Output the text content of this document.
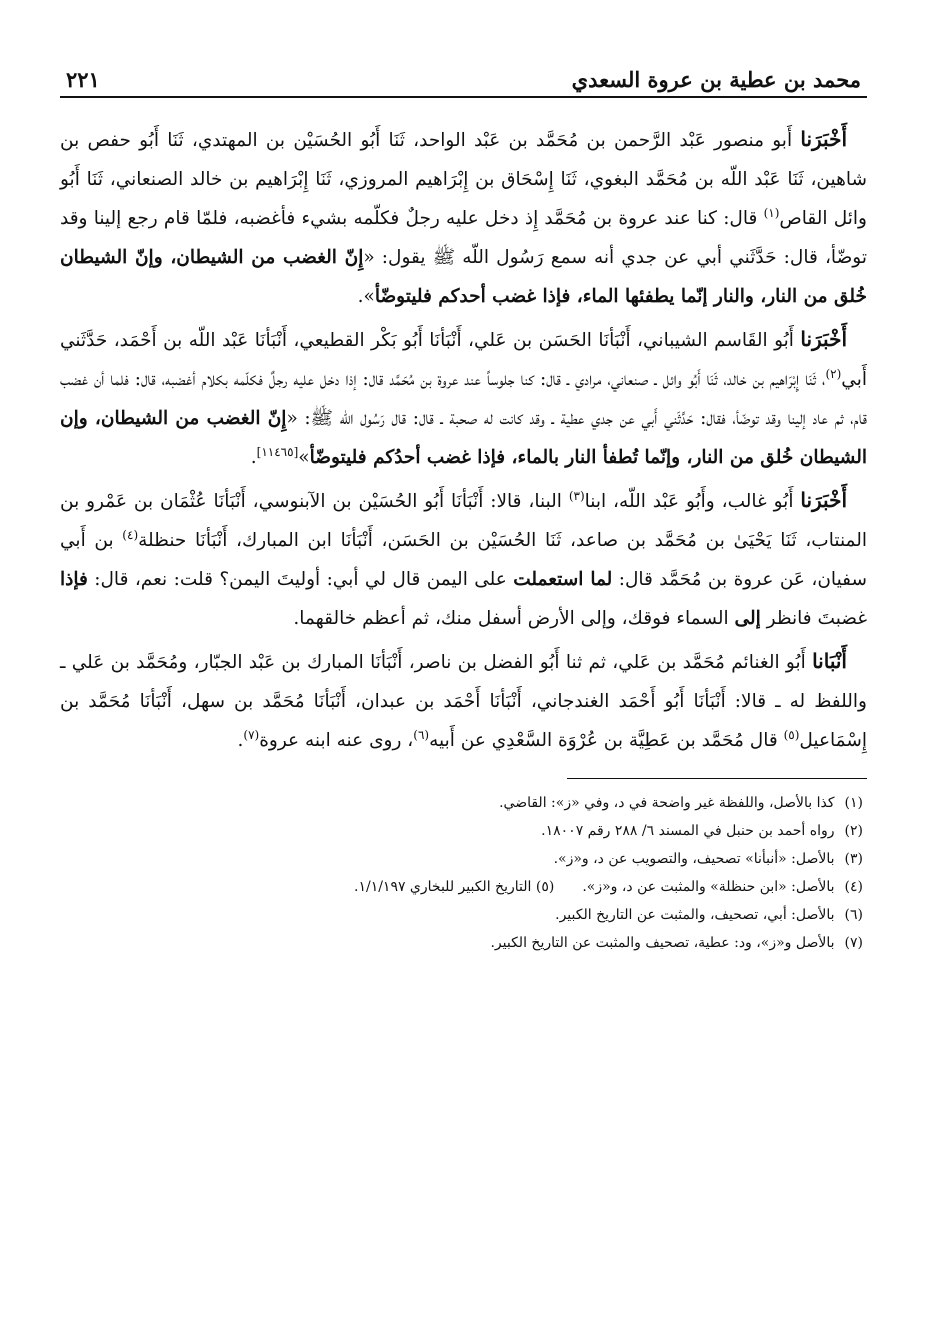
محمد بن عطية بن عروة السعدي
٢٢١

أَخْبَرَنا أَبو منصور عَبْد الرَّحمن بن مُحَمَّد بن عَبْد الواحد، ثَنَا أَبُو الحُسَيْن بن المهتدي، ثَنَا أَبُو حفص بن شاهين، ثَنَا عَبْد اللّه بن مُحَمَّد البغوي، ثَنَا إِسْحَاق بن إِبْرَاهيم المروزي، ثَنَا إِبْرَاهيم بن خالد الصنعاني، ثَنَا أَبُو وائل القاص$^{(١)}$ قال: كنا عند عروة بن مُحَمَّد إِذ دخل عليه رجلٌ فكلّمه بشيء فأغضبه، فلمّا قام رجع إلينا وقد توضّأ، قال: حَدَّثَني أبي عن جدي أنه سمع رَسُول اللّه ﷺ يقول: «إِنّ الغضب من الشيطان، وإنّ الشيطان خُلق من النار، والنار إنّما يطفئها الماء، فإذا غضب أحدكم فليتوضّأ».

أَخْبَرَنا أَبُو القَاسم الشيباني، أَنْبَأنَا الحَسَن بن عَلي، أَنْبَأنَا أَبُو بَكْر القطيعي، أَنْبَأنَا عَبْد اللّه بن أَحْمَد، حَدَّثَني أَبي$^{(٢)}$، ثَنَا إِبْرَاهيم بن خالد، ثَنَا أَبُو وائل ـ صنعاني، مرادي ـ قال: كنا جلوساً عند عروة بن مُحَمَّد قال: إذا دخل عليه رجلٌ فكلّمه بكلام أغضبه، قال: فلما أن غضب قام، ثم عاد إلينا وقد توضّأ، فقال: حَدَّثَني أَبي عن جدي عطية ـ وقد كانت له صحبة ـ قال: قال رَسُول اللّه ﷺ: «إِنّ الغضب من الشيطان، وإن الشيطان خُلق من النار، وإنّما تُطفأ النار بالماء، فإذا غضب أحدُكم فليتوضّأ»[١١٤٦٥].

أَخْبَرَنا أَبُو غالب، وأَبُو عَبْد اللّه، ابنا$^{(٣)}$ البنا، قالا: أَنْبَأنَا أَبُو الحُسَيْن بن الآبنوسي، أَنْبَأنَا عُثْمَان بن عَمْرو بن المنتاب، ثَنَا يَحْيَىٰ بن مُحَمَّد بن صاعد، ثَنَا الحُسَيْن بن الحَسَن، أَنْبَأنَا ابن المبارك، أَنْبَأنَا حنظلة$^{(٤)}$ بن أَبي سفيان، عَن عروة بن مُحَمَّد قال: لما استعملت على اليمن قال لي أبي: أوليتَ اليمن؟ قلت: نعم، قال: فإذا غضبتَ فانظر إلى السماء فوقك، وإلى الأرض أسفل منك، ثم أعظم خالقهما.

أَنْبَانا أَبُو الغنائم مُحَمَّد بن عَلي، ثم ثنا أَبُو الفضل بن ناصر، أَنْبَأنَا المبارك بن عَبْد الجبّار، ومُحَمَّد بن عَلي ـ واللفظ له ـ قالا: أَنْبَأنَا أَبُو أَحْمَد الغندجاني، أَنْبَأنَا أَحْمَد بن عبدان، أَنْبَأنَا مُحَمَّد بن سهل، أَنْبَأنَا مُحَمَّد بن إِسْمَاعيل$^{(٥)}$ قال مُحَمَّد بن عَطِيَّة بن عُرْوَة السَّعْدِي عن أَبيه$^{(٦)}$، روى عنه ابنه عروة$^{(٧)}$.

(١)
كذا بالأصل، واللفظة غير واضحة في د، وفي «ز»: القاضي.
(٢)
رواه أحمد بن حنبل في المسند ٦/ ٢٨٨ رقم ١٨٠٠٧.
(٣)
بالأصل: «أنبأنا» تصحيف، والتصويب عن د، و«ز».
(٤)
بالأصل: «ابن حنظلة» والمثبت عن د، و«ز».(٥) التاريخ الكبير للبخاري ١/١/١٩٧.
(٦)
بالأصل: أبي، تصحيف، والمثبت عن التاريخ الكبير.
(٧)
بالأصل و«ز»، ود: عطية، تصحيف والمثبت عن التاريخ الكبير.
